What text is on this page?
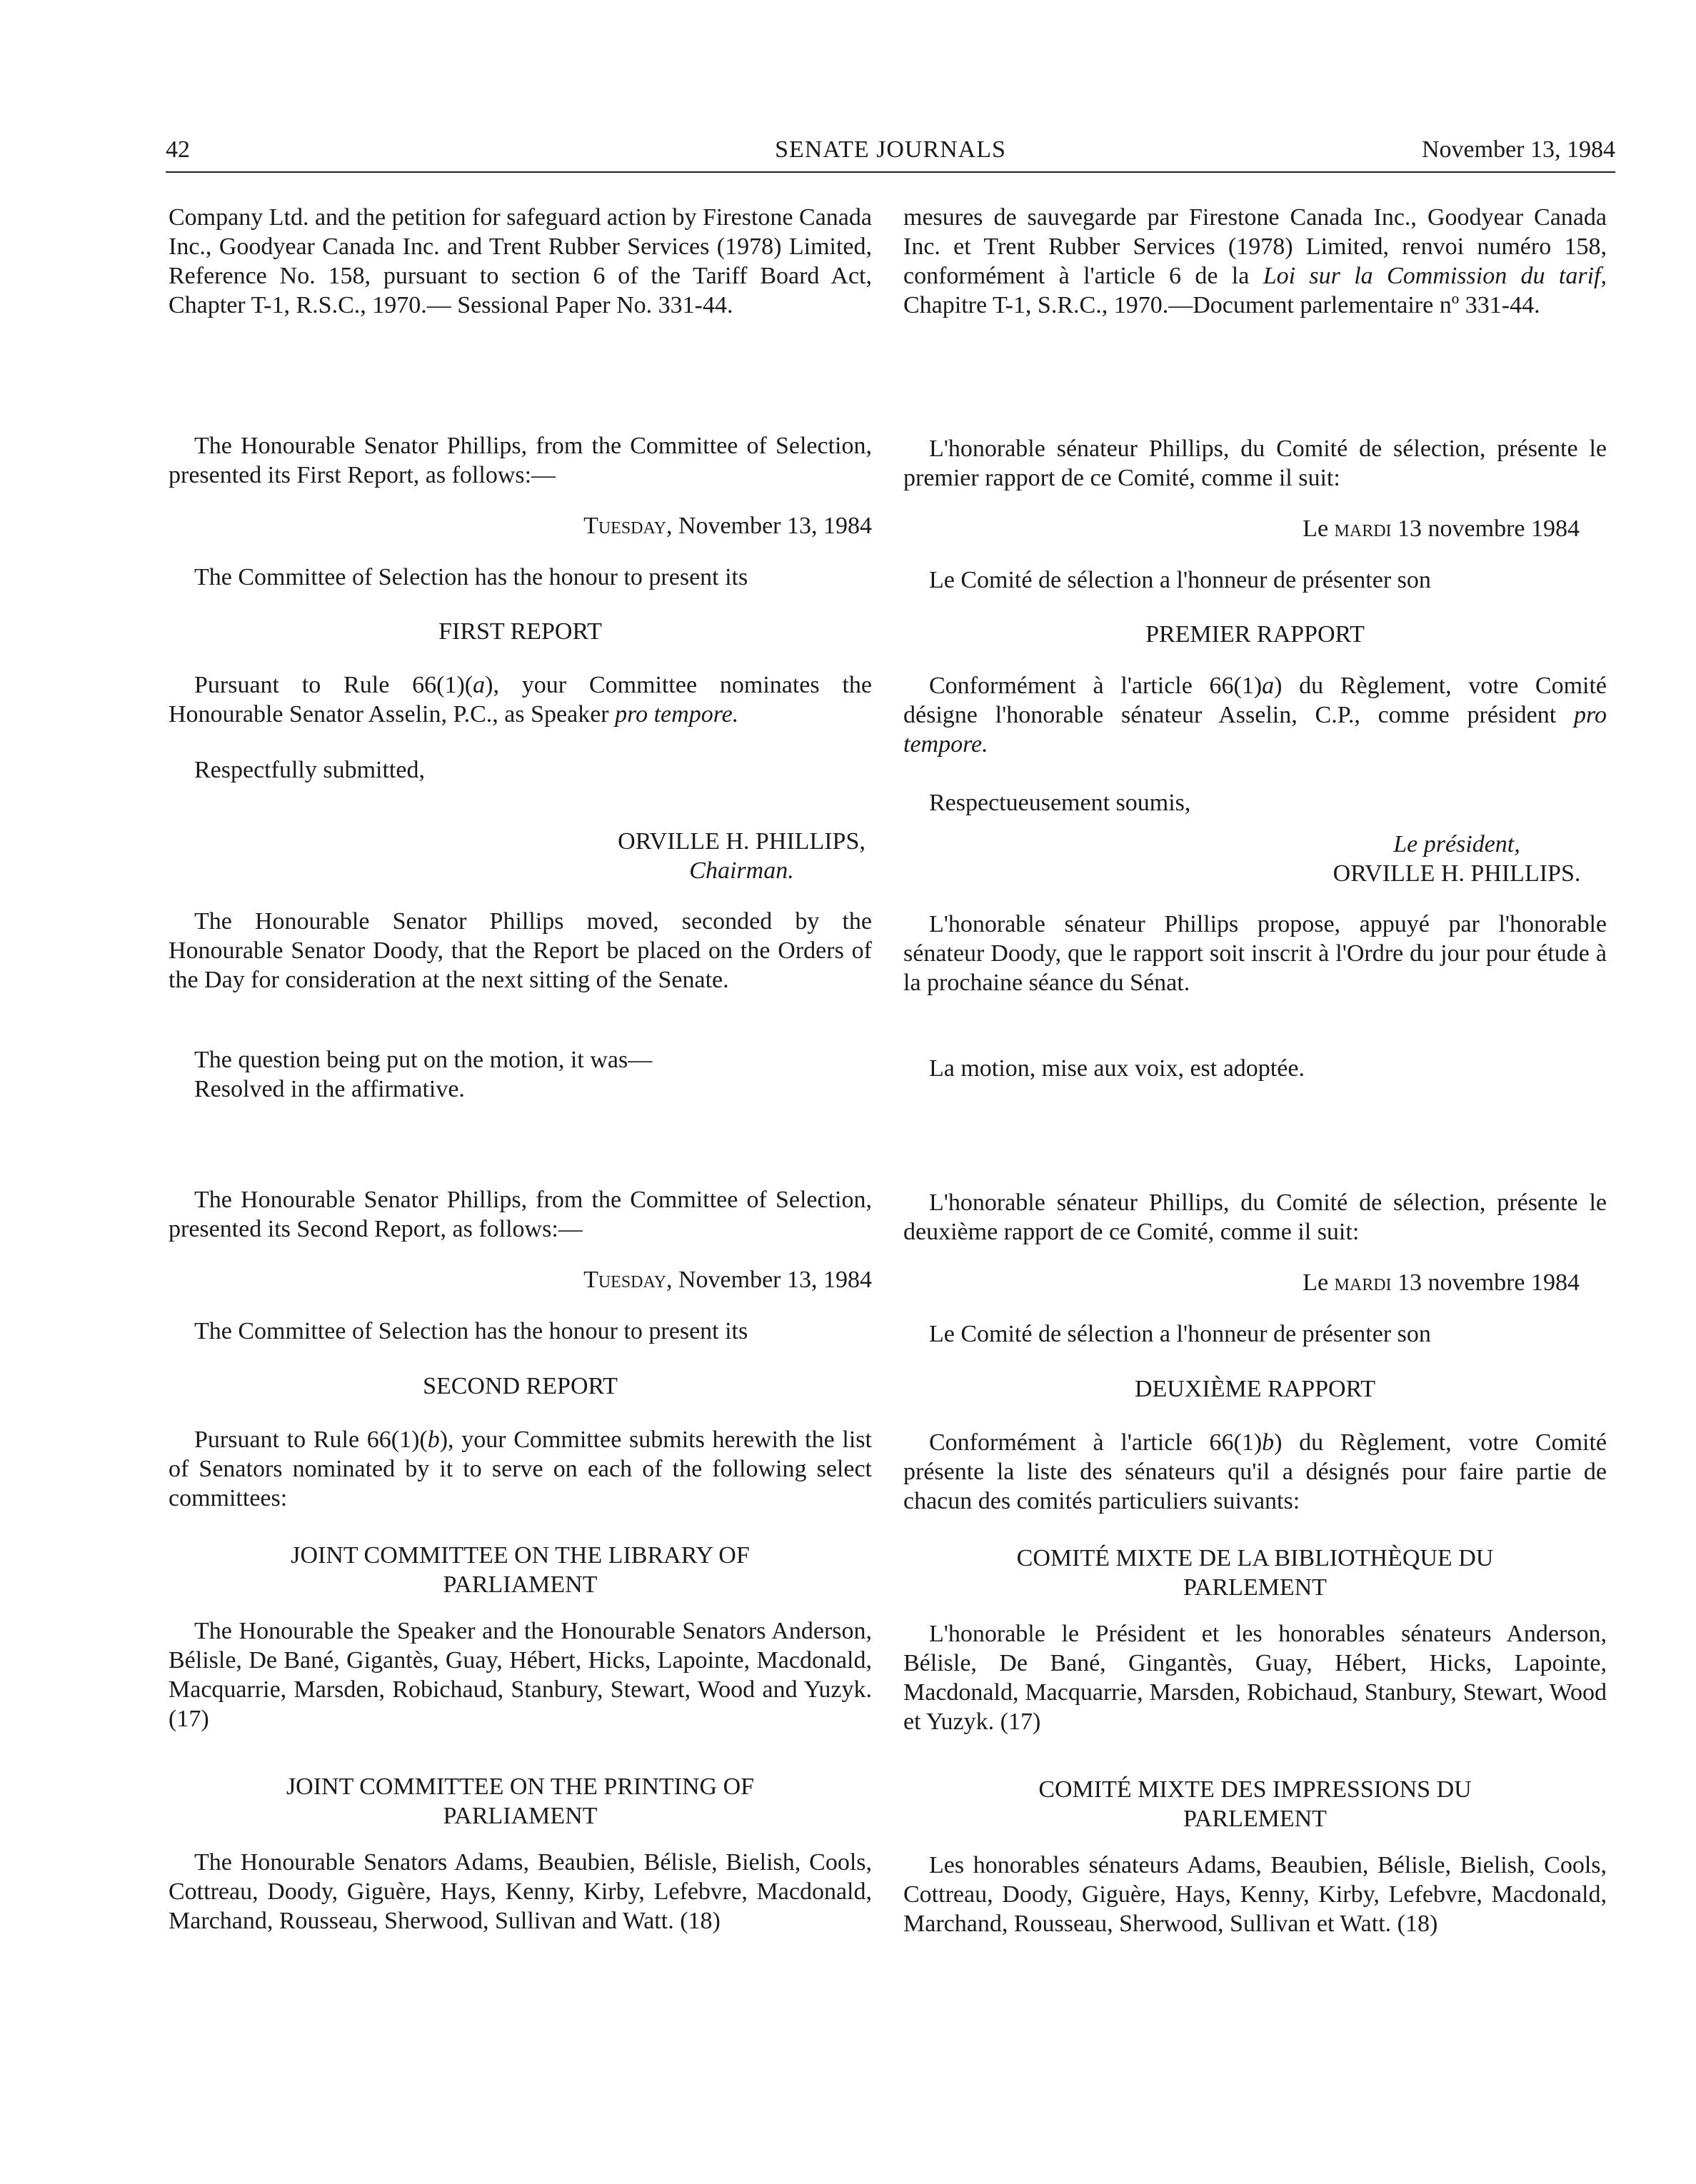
42	SENATE JOURNALS	November 13, 1984

Company Ltd. and the petition for safeguard action by Firestone Canada Inc., Goodyear Canada Inc. and Trent Rubber Services (1978) Limited, Reference No. 158, pursuant to section 6 of the Tariff Board Act, Chapter T-1, R.S.C., 1970.— Sessional Paper No. 331-44.

The Honourable Senator Phillips, from the Committee of Selection, presented its First Report, as follows:—

Tuesday, November 13, 1984

The Committee of Selection has the honour to present its

FIRST REPORT

Pursuant to Rule 66(1)(a), your Committee nominates the Honourable Senator Asselin, P.C., as Speaker pro tempore.

Respectfully submitted,

ORVILLE H. PHILLIPS,
Chairman.

The Honourable Senator Phillips moved, seconded by the Honourable Senator Doody, that the Report be placed on the Orders of the Day for consideration at the next sitting of the Senate.

The question being put on the motion, it was—

Resolved in the affirmative.

The Honourable Senator Phillips, from the Committee of Selection, presented its Second Report, as follows:—

Tuesday, November 13, 1984

The Committee of Selection has the honour to present its

SECOND REPORT

Pursuant to Rule 66(1)(b), your Committee submits herewith the list of Senators nominated by it to serve on each of the following select committees:

JOINT COMMITTEE ON THE LIBRARY OF
PARLIAMENT

The Honourable the Speaker and the Honourable Senators Anderson, Bélisle, De Bané, Gigantès, Guay, Hébert, Hicks, Lapointe, Macdonald, Macquarrie, Marsden, Robichaud, Stanbury, Stewart, Wood and Yuzyk. (17)

JOINT COMMITTEE ON THE PRINTING OF
PARLIAMENT

The Honourable Senators Adams, Beaubien, Bélisle, Bielish, Cools, Cottreau, Doody, Giguère, Hays, Kenny, Kirby, Lefebvre, Macdonald, Marchand, Rousseau, Sherwood, Sullivan and Watt. (18)

mesures de sauvegarde par Firestone Canada Inc., Goodyear Canada Inc. et Trent Rubber Services (1978) Limited, renvoi numéro 158, conformément à l'article 6 de la Loi sur la Commission du tarif, Chapitre T-1, S.R.C., 1970.—Document parlementaire nº 331-44.

L'honorable sénateur Phillips, du Comité de sélection, présente le premier rapport de ce Comité, comme il suit:

Le mardi 13 novembre 1984

Le Comité de sélection a l'honneur de présenter son

PREMIER RAPPORT

Conformément à l'article 66(1)a) du Règlement, votre Comité désigne l'honorable sénateur Asselin, C.P., comme président pro tempore.

Respectueusement soumis,

Le président,
ORVILLE H. PHILLIPS.

L'honorable sénateur Phillips propose, appuyé par l'honorable sénateur Doody, que le rapport soit inscrit à l'Ordre du jour pour étude à la prochaine séance du Sénat.

La motion, mise aux voix, est adoptée.

L'honorable sénateur Phillips, du Comité de sélection, présente le deuxième rapport de ce Comité, comme il suit:

Le mardi 13 novembre 1984

Le Comité de sélection a l'honneur de présenter son

DEUXIÈME RAPPORT

Conformément à l'article 66(1)b) du Règlement, votre Comité présente la liste des sénateurs qu'il a désignés pour faire partie de chacun des comités particuliers suivants:

COMITÉ MIXTE DE LA BIBLIOTHÈQUE DU
PARLEMENT

L'honorable le Président et les honorables sénateurs Anderson, Bélisle, De Bané, Gingantès, Guay, Hébert, Hicks, Lapointe, Macdonald, Macquarrie, Marsden, Robichaud, Stanbury, Stewart, Wood et Yuzyk. (17)

COMITÉ MIXTE DES IMPRESSIONS DU
PARLEMENT

Les honorables sénateurs Adams, Beaubien, Bélisle, Bielish, Cools, Cottreau, Doody, Giguère, Hays, Kenny, Kirby, Lefebvre, Macdonald, Marchand, Rousseau, Sherwood, Sullivan et Watt. (18)
